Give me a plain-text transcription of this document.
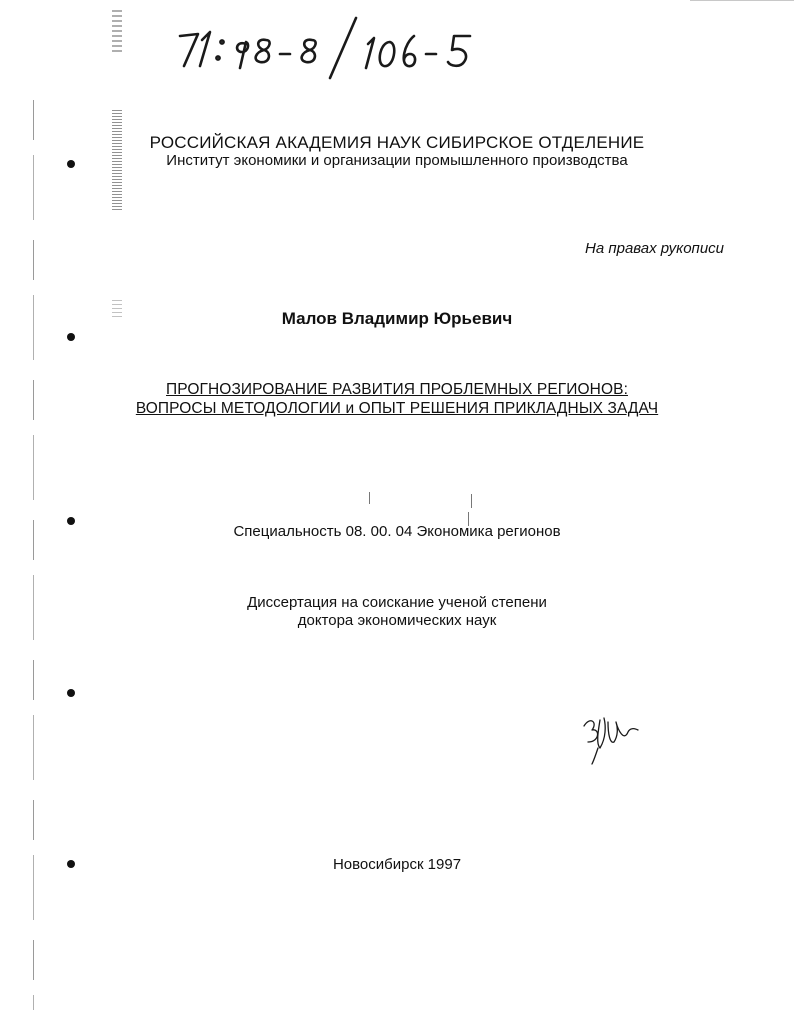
РОССИЙСКАЯ АКАДЕМИЯ НАУК СИБИРСКОЕ ОТДЕЛЕНИЕ

Институт экономики и организации промышленного производства

На правах рукописи

Малов Владимир Юрьевич

ПРОГНОЗИРОВАНИЕ РАЗВИТИЯ ПРОБЛЕМНЫХ РЕГИОНОВ:

ВОПРОСЫ МЕТОДОЛОГИИ и ОПЫТ РЕШЕНИЯ ПРИКЛАДНЫХ ЗАДАЧ

Специальность 08. 00. 04 Экономика регионов

Диссертация на соискание ученой степени

доктора экономических наук

Новосибирск 1997
